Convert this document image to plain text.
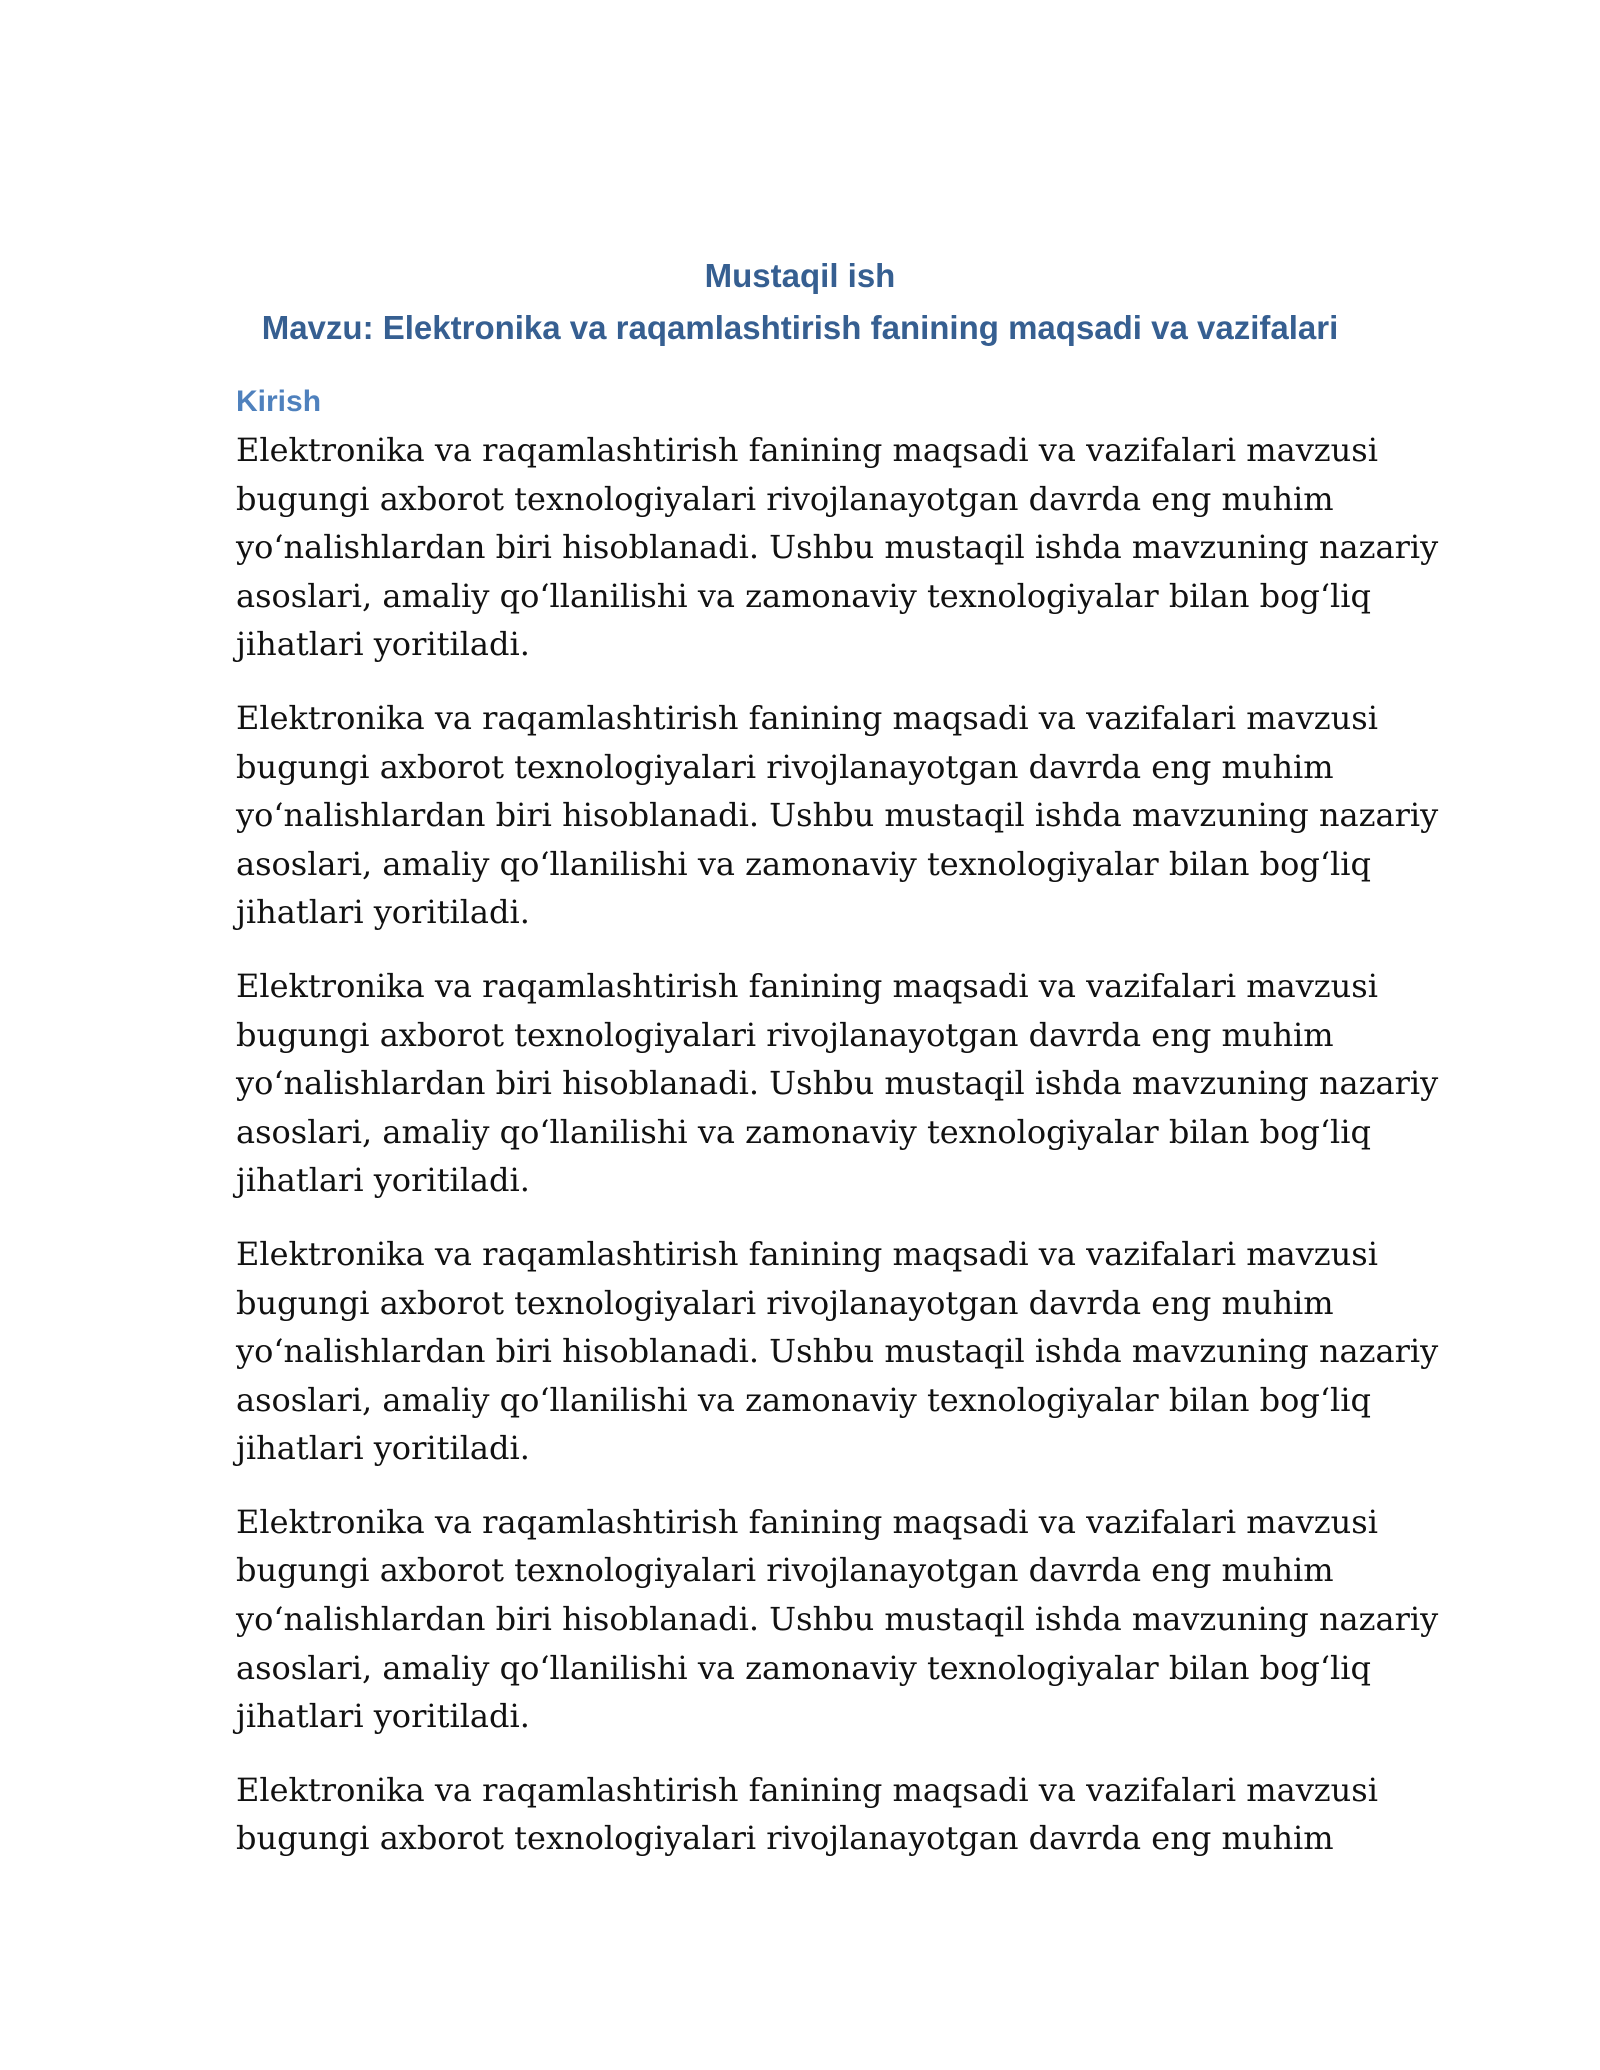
Mustaqil ish
Mavzu: Elektronika va raqamlashtirish fanining maqsadi va vazifalari
Kirish

Elektronika va raqamlashtirish fanining maqsadi va vazifalari mavzusi
bugungi axborot texnologiyalari rivojlanayotgan davrda eng muhim
yo‘nalishlardan biri hisoblanadi. Ushbu mustaqil ishda mavzuning nazariy
asoslari, amaliy qo‘llanilishi va zamonaviy texnologiyalar bilan bog‘liq
jihatlari yoritiladi.

Elektronika va raqamlashtirish fanining maqsadi va vazifalari mavzusi
bugungi axborot texnologiyalari rivojlanayotgan davrda eng muhim
yo‘nalishlardan biri hisoblanadi. Ushbu mustaqil ishda mavzuning nazariy
asoslari, amaliy qo‘llanilishi va zamonaviy texnologiyalar bilan bog‘liq
jihatlari yoritiladi.

Elektronika va raqamlashtirish fanining maqsadi va vazifalari mavzusi
bugungi axborot texnologiyalari rivojlanayotgan davrda eng muhim
yo‘nalishlardan biri hisoblanadi. Ushbu mustaqil ishda mavzuning nazariy
asoslari, amaliy qo‘llanilishi va zamonaviy texnologiyalar bilan bog‘liq
jihatlari yoritiladi.

Elektronika va raqamlashtirish fanining maqsadi va vazifalari mavzusi
bugungi axborot texnologiyalari rivojlanayotgan davrda eng muhim
yo‘nalishlardan biri hisoblanadi. Ushbu mustaqil ishda mavzuning nazariy
asoslari, amaliy qo‘llanilishi va zamonaviy texnologiyalar bilan bog‘liq
jihatlari yoritiladi.

Elektronika va raqamlashtirish fanining maqsadi va vazifalari mavzusi
bugungi axborot texnologiyalari rivojlanayotgan davrda eng muhim
yo‘nalishlardan biri hisoblanadi. Ushbu mustaqil ishda mavzuning nazariy
asoslari, amaliy qo‘llanilishi va zamonaviy texnologiyalar bilan bog‘liq
jihatlari yoritiladi.

Elektronika va raqamlashtirish fanining maqsadi va vazifalari mavzusi
bugungi axborot texnologiyalari rivojlanayotgan davrda eng muhim
